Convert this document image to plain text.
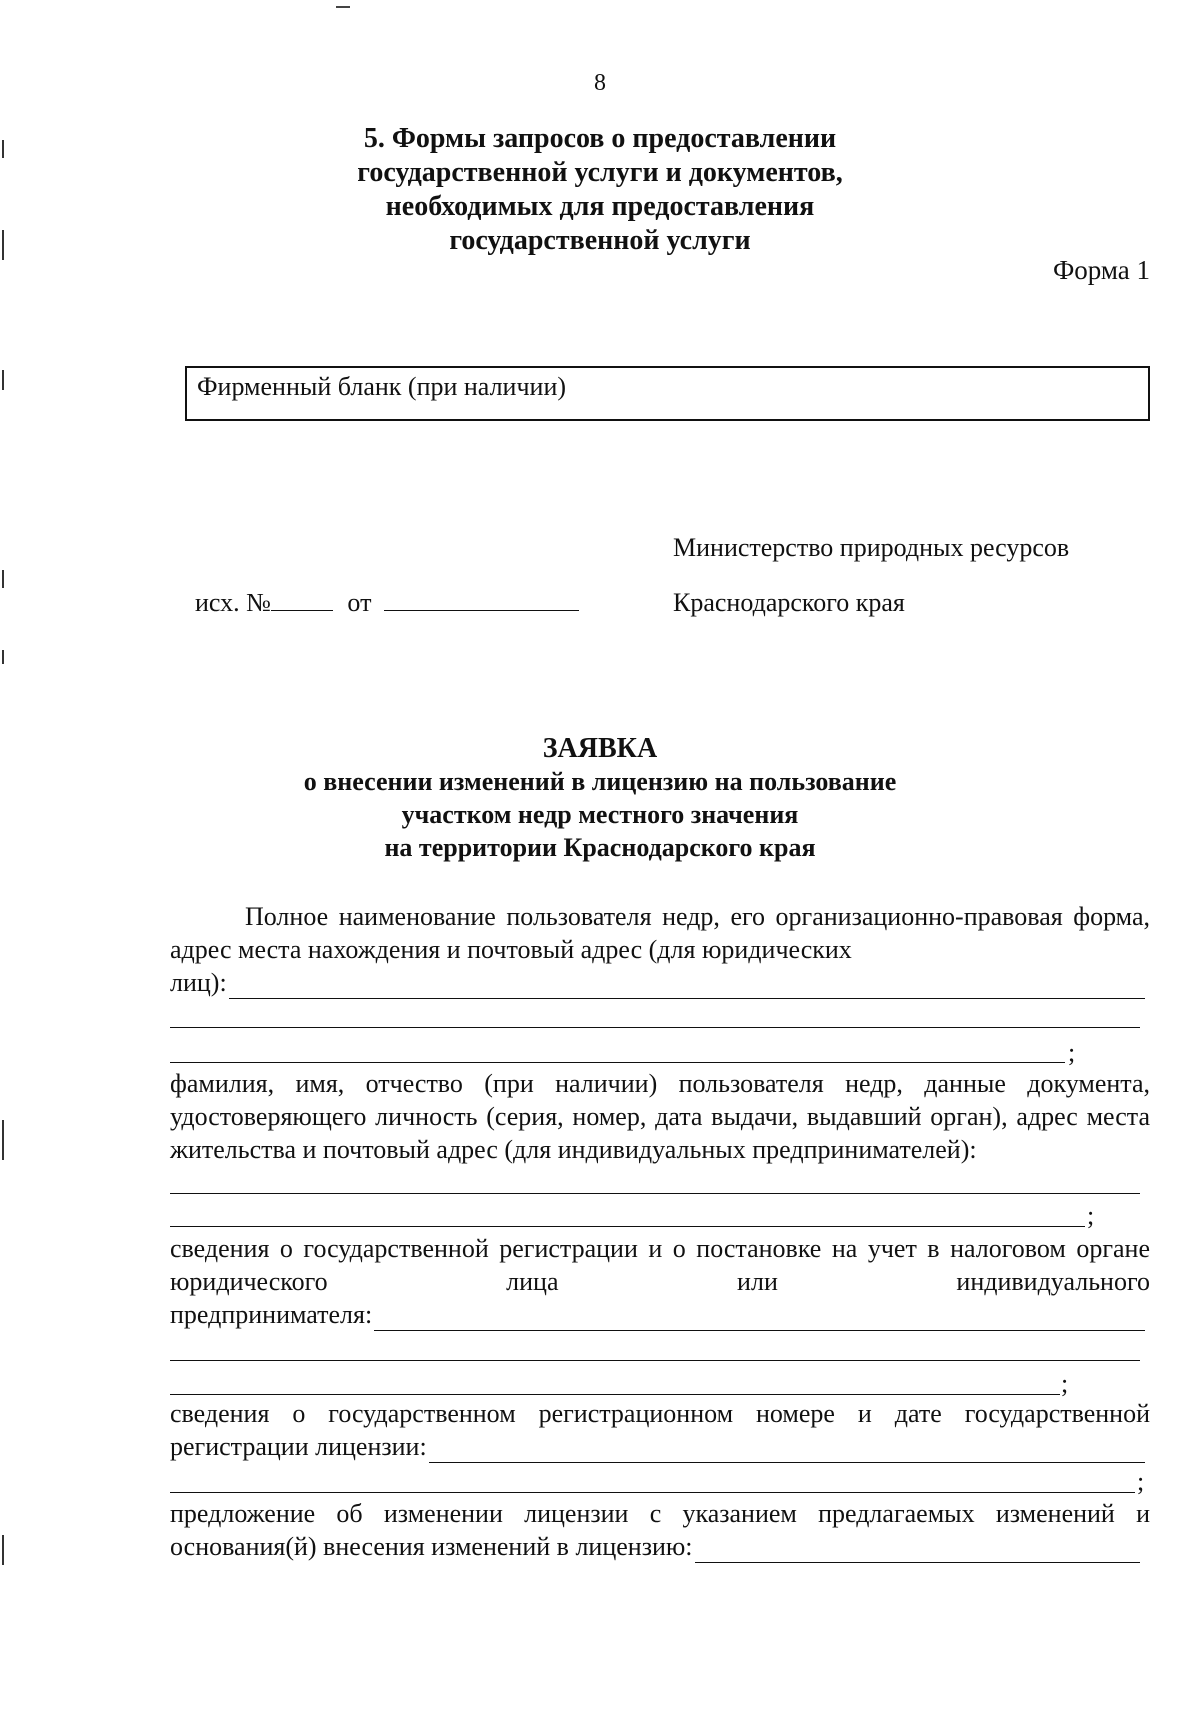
8
5. Формы запросов о предоставлении
государственной услуги и документов,
необходимых для предоставления
государственной услуги
Форма 1
Фирменный бланк (при наличии)
Министерство природных ресурсов
Краснодарского края
исх. №	от
ЗАЯВКА
о внесении изменений в лицензию на пользование
участком недр местного значения
на территории Краснодарского края
Полное наименование пользователя недр, его организационно-правовая форма, адрес места нахождения и почтовый адрес (для юридических
лиц):
;
фамилия, имя, отчество (при наличии) пользователя недр, данные документа, удостоверяющего личность (серия, номер, дата выдачи, выдавший орган), адрес места жительства и почтовый адрес (для индивидуальных предпринимателей):
;
сведения о государственной регистрации и о постановке на учет в налоговом органе юридического лица или индивидуального
предпринимателя:
;
сведения о государственном регистрационном номере и дате государственной
регистрации лицензии:
;
предложение об изменении лицензии с указанием предлагаемых изменений и
основания(й) внесения изменений в лицензию:
